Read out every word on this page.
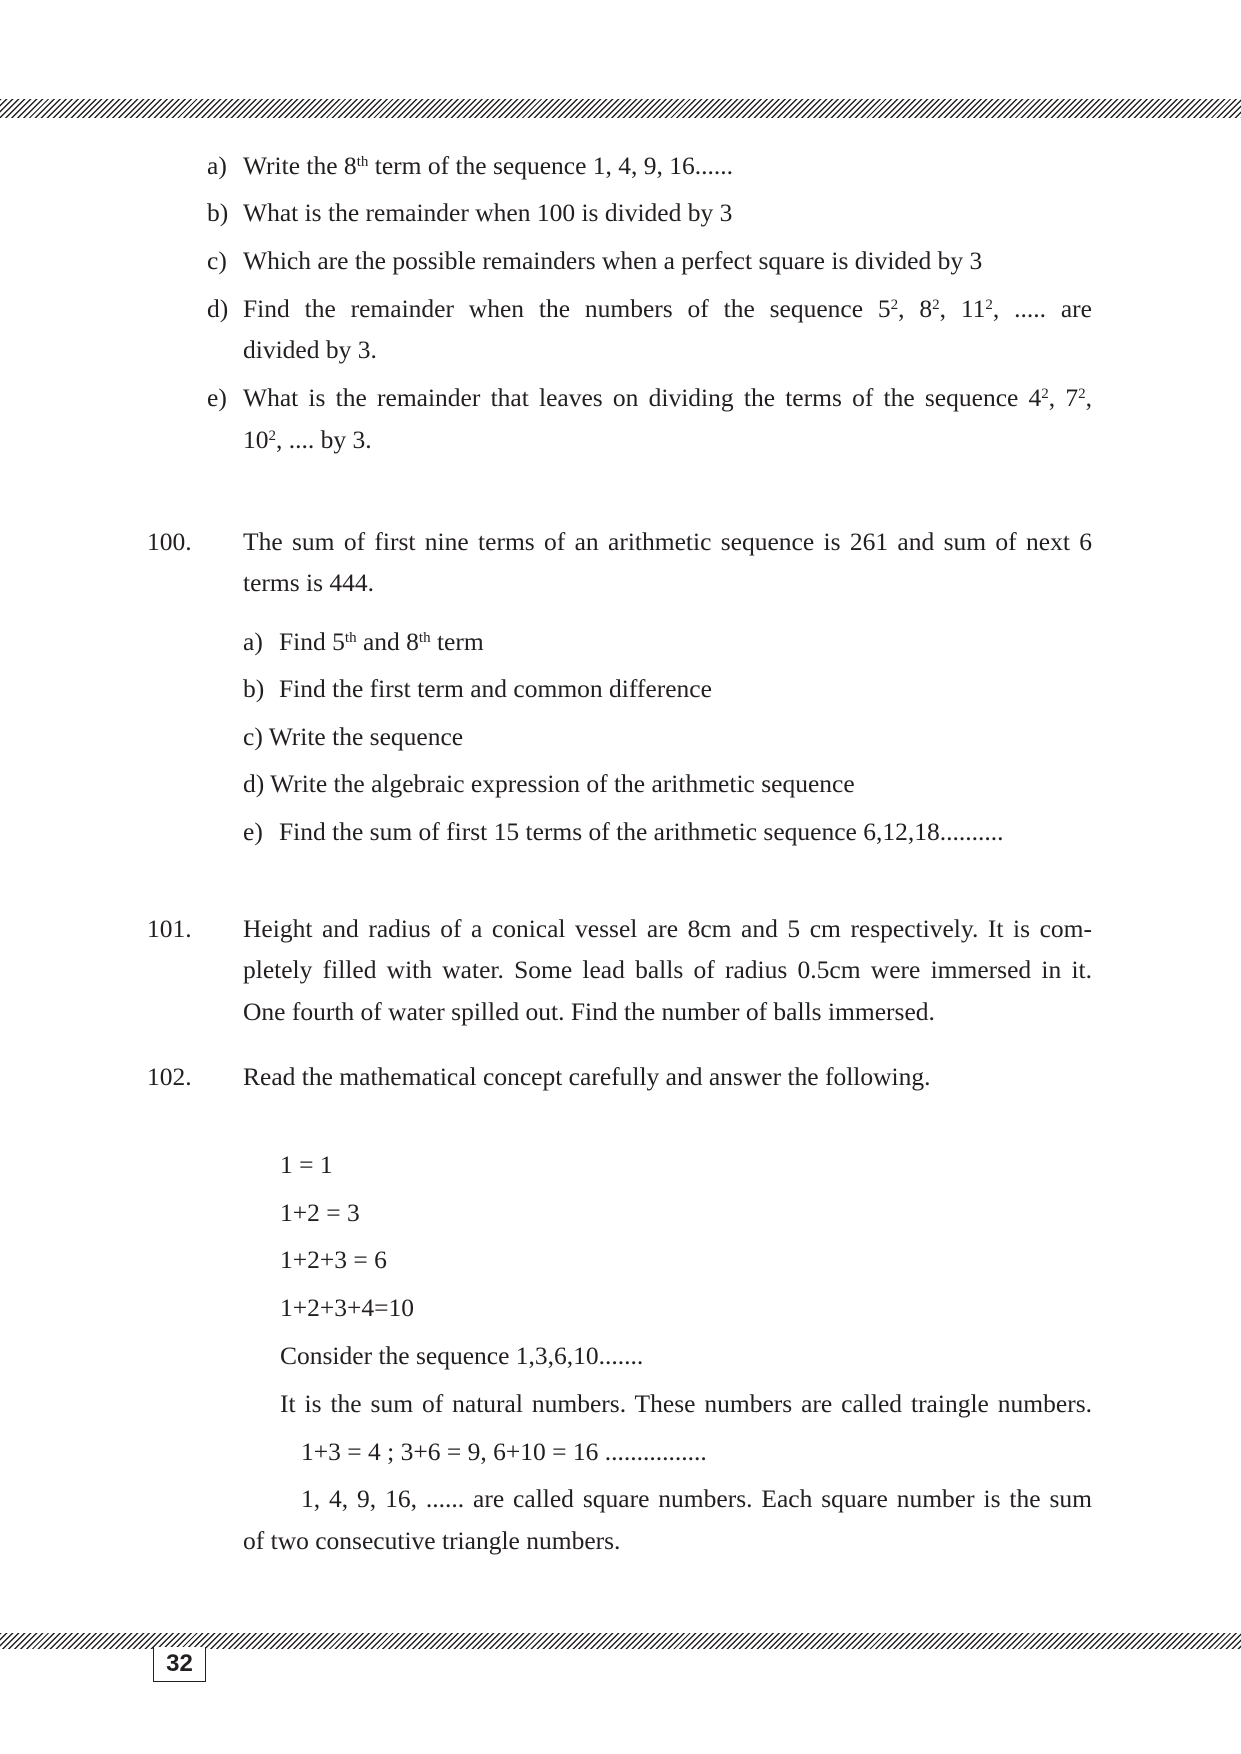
a) Write the 8th term of the sequence 1, 4, 9, 16......
b) What is the remainder when 100 is divided by 3
c) Which are the possible remainders when a perfect square is divided by 3
d) Find the remainder when the numbers of the sequence $5^2$, $8^2$, $11^2$, ..... are
divided by 3.
e) What is the remainder that leaves on dividing the terms of the sequence $4^2$, $7^2$,
$10^2$, .... by 3.
100. The sum of first nine terms of an arithmetic sequence is 261 and sum of next 6
terms is 444.
a) Find 5th and 8th term
b) Find the first term and common difference
c) Write the sequence
d) Write the algebraic expression of the arithmetic sequence
e) Find the sum of first 15 terms of the arithmetic sequence 6,12,18..........
101. Height and radius of a conical vessel are 8cm and 5 cm respectively. It is com-
pletely filled with water. Some lead balls of radius 0.5cm were immersed in it.
One fourth of water spilled out. Find the number of balls immersed.
102. Read the mathematical concept carefully and answer the following.
1 = 1
1+2 = 3
1+2+3 = 6
1+2+3+4=10
Consider the sequence 1,3,6,10.......
It is the sum of natural numbers. These numbers are called traingle numbers.
1+3 = 4 ; 3+6 = 9, 6+10 = 16 ................
1, 4, 9, 16, ...... are called square numbers. Each square number is the sum
of two consecutive triangle numbers.
32
